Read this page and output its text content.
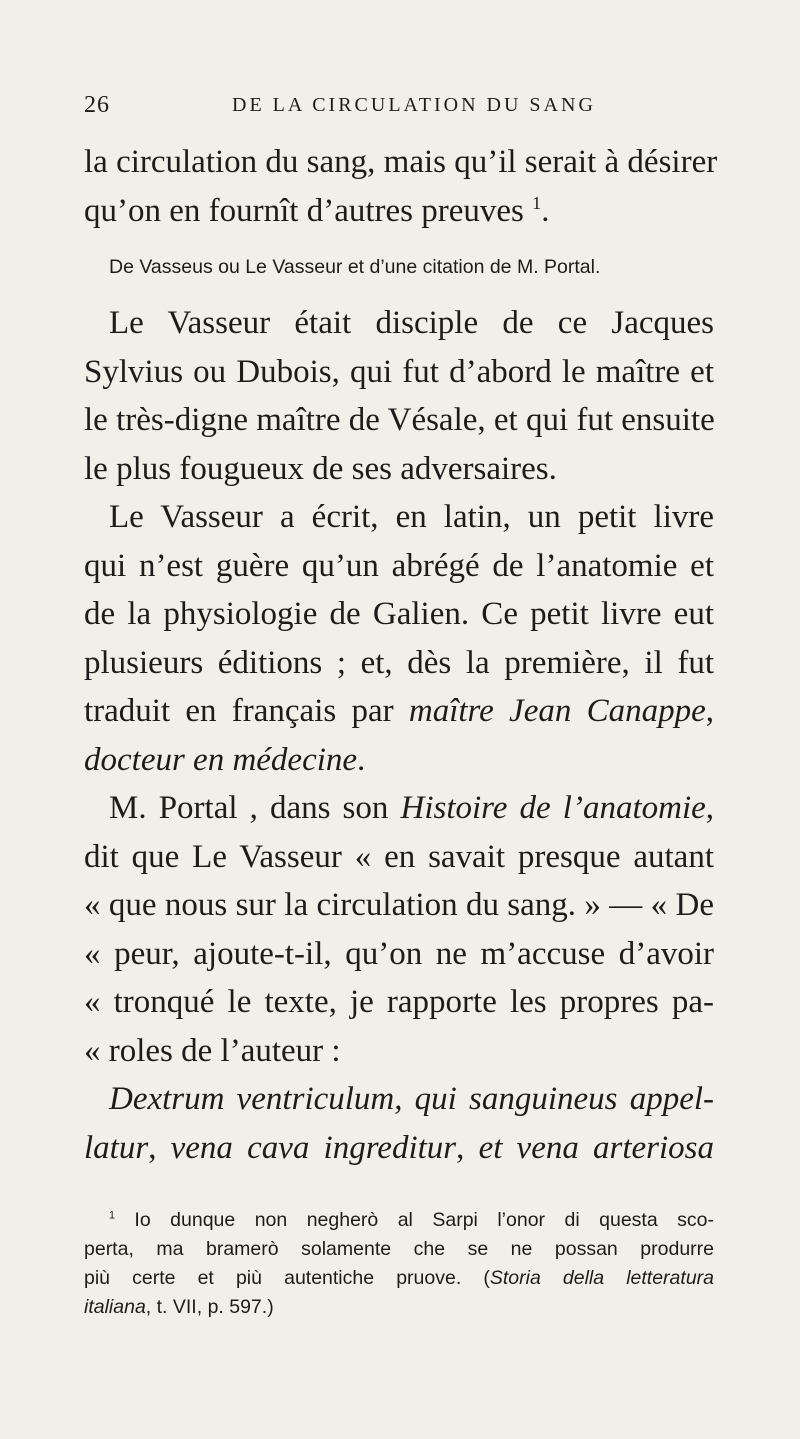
26	DE LA CIRCULATION DU SANG
la circulation du sang, mais qu’il serait à désirer
qu’on en fournît d’autres preuves $^1$.
De Vasseus ou Le Vasseur et d’une citation de M. Portal.
Le Vasseur était disciple de ce Jacques
Sylvius ou Dubois, qui fut d’abord le maître et
le très-digne maître de Vésale, et qui fut ensuite
le plus fougueux de ses adversaires.
Le Vasseur a écrit, en latin, un petit livre
qui n’est guère qu’un abrégé de l’anatomie et
de la physiologie de Galien. Ce petit livre eut
plusieurs éditions ; et, dès la première, il fut
traduit en français par maître Jean Canappe,
docteur en médecine.
M. Portal , dans son Histoire de l’anatomie,
dit que Le Vasseur « en savait presque autant
« que nous sur la circulation du sang. » — « De
« peur, ajoute-t-il, qu’on ne m’accuse d’avoir
« tronqué le texte, je rapporte les propres pa-
« roles de l’auteur :
Dextrum ventriculum, qui sanguineus appel-
latur, vena cava ingreditur, et vena arteriosa
$^1$ Io dunque non negherò al Sarpi l’onor di questa sco-
perta, ma bramerò solamente che se ne possan produrre
più certe et più autentiche pruove. (Storia della letteratura
italiana, t. VII, p. 597.)
